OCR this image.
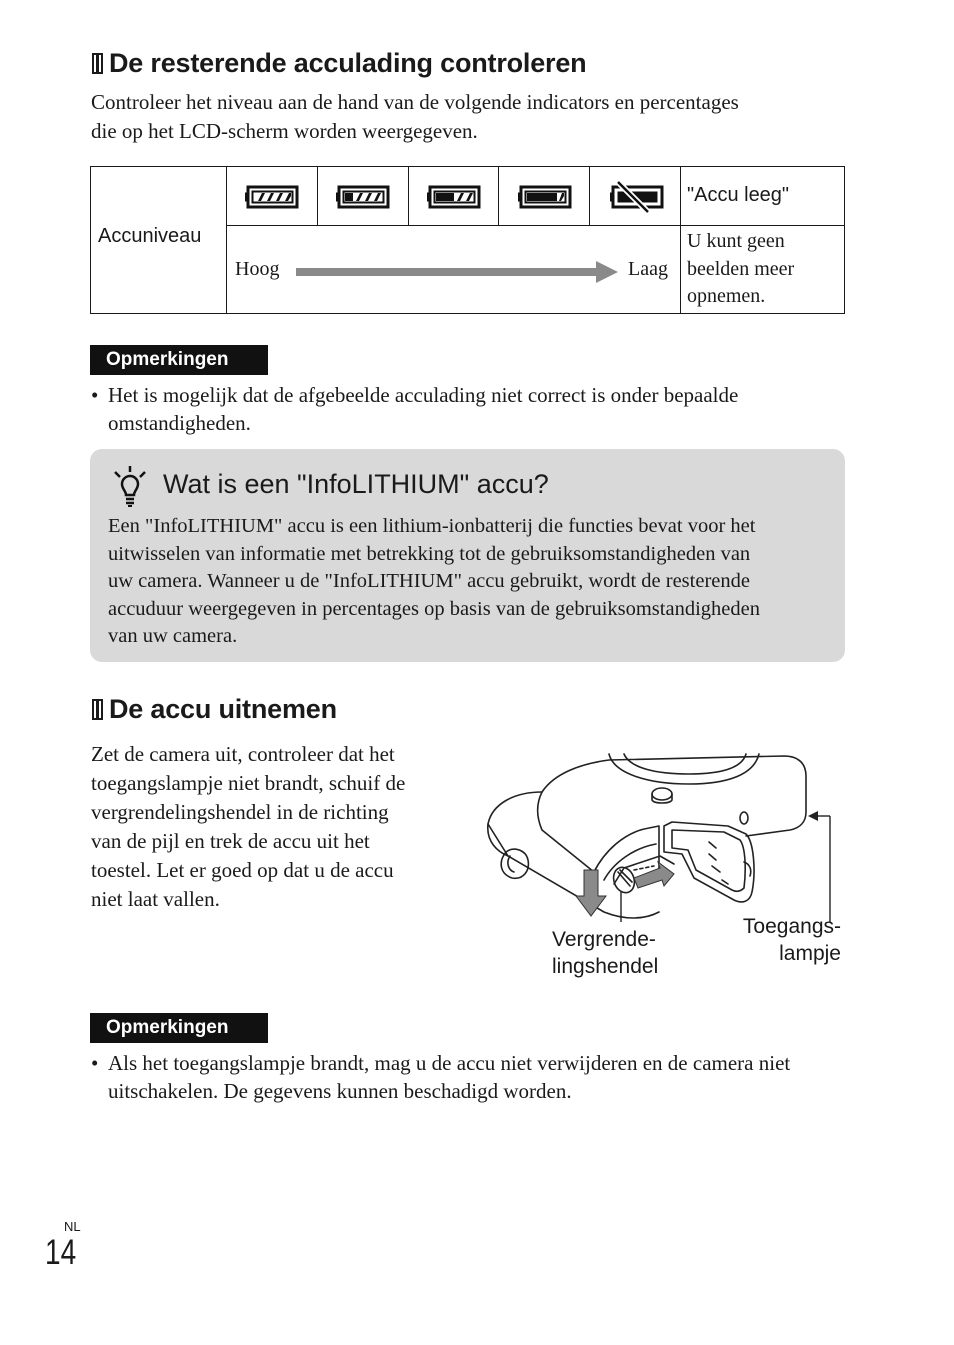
De resterende acculading controleren
Controleer het niveau aan de hand van de volgende indicators en percentages
die op het LCD-scherm worden weergegeven.
Accuniveau
"Accu leeg"
Hoog	Laag
U kunt geen
beelden meer
opnemen.
Opmerkingen
• Het is mogelijk dat de afgebeelde acculading niet correct is onder bepaalde
omstandigheden.
Wat is een "InfoLITHIUM" accu?
Een "InfoLITHIUM" accu is een lithium-ionbatterij die functies bevat voor het
uitwisselen van informatie met betrekking tot de gebruiksomstandigheden van
uw camera. Wanneer u de "InfoLITHIUM" accu gebruikt, wordt de resterende
accuduur weergegeven in percentages op basis van de gebruiksomstandigheden
van uw camera.
De accu uitnemen
Zet de camera uit, controleer dat het
toegangslampje niet brandt, schuif de
vergrendelingshendel in de richting
van de pijl en trek de accu uit het
toestel. Let er goed op dat u de accu
niet laat vallen.
Vergrende-
lingshendel
Toegangs-
lampje
Opmerkingen
• Als het toegangslampje brandt, mag u de accu niet verwijderen en de camera niet
uitschakelen. De gegevens kunnen beschadigd worden.
NL
14
